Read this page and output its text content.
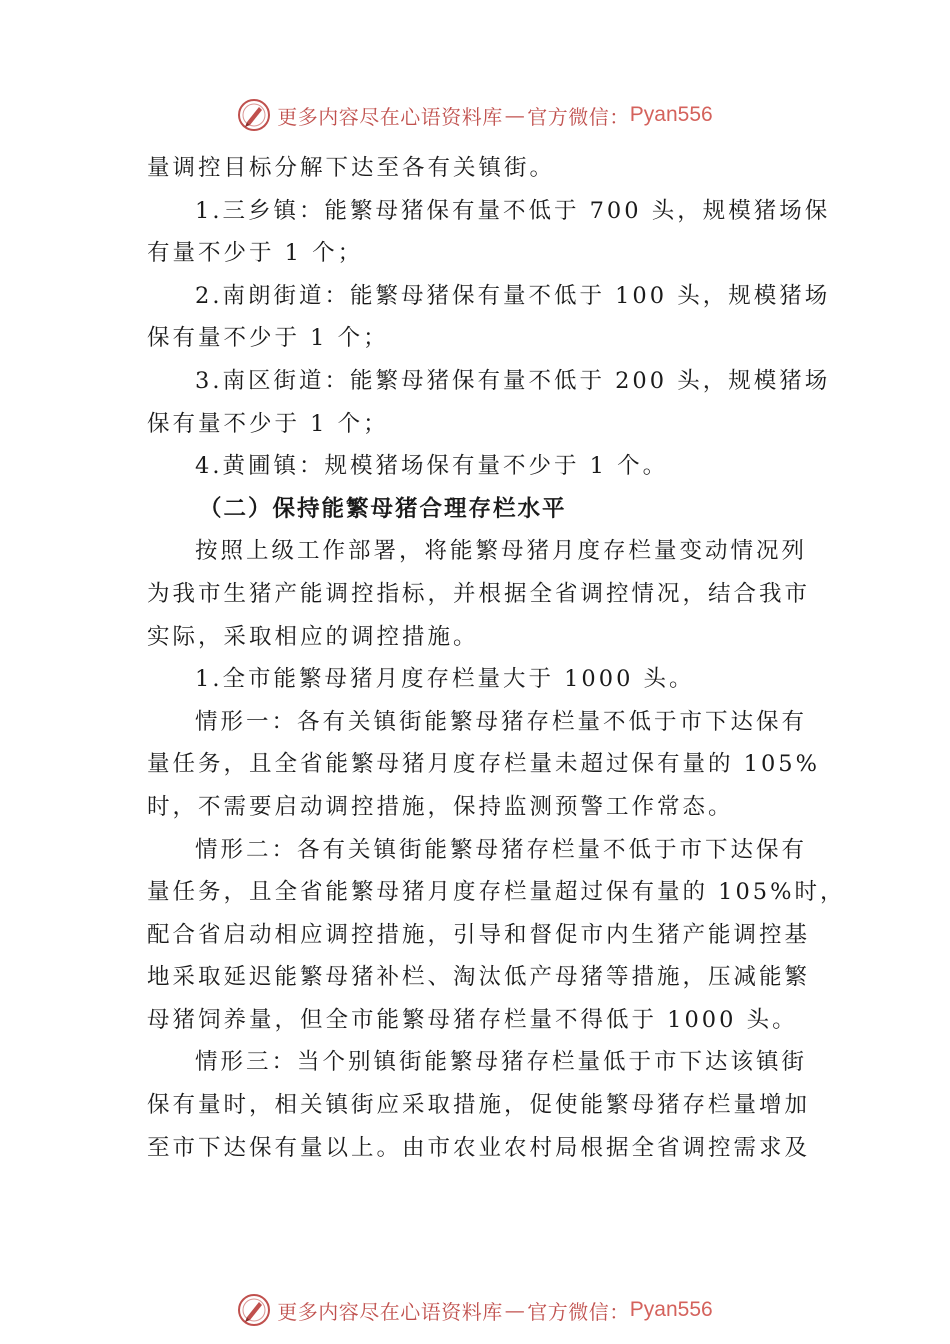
更多内容尽在心语资料库 — 官方微信： Pyan556
量调控目标分解下达至各有关镇街。
1.三乡镇：能繁母猪保有量不低于 700 头，规模猪场保
有量不少于 1 个；
2.南朗街道：能繁母猪保有量不低于 100 头，规模猪场
保有量不少于 1 个；
3.南区街道：能繁母猪保有量不低于 200 头，规模猪场
保有量不少于 1 个；
4.黄圃镇：规模猪场保有量不少于 1 个。
（二）保持能繁母猪合理存栏水平
按照上级工作部署，将能繁母猪月度存栏量变动情况列
为我市生猪产能调控指标，并根据全省调控情况，结合我市
实际，采取相应的调控措施。
1.全市能繁母猪月度存栏量大于 1000 头。
情形一：各有关镇街能繁母猪存栏量不低于市下达保有
量任务，且全省能繁母猪月度存栏量未超过保有量的 105%
时，不需要启动调控措施，保持监测预警工作常态。
情形二：各有关镇街能繁母猪存栏量不低于市下达保有
量任务，且全省能繁母猪月度存栏量超过保有量的 105%时，
配合省启动相应调控措施，引导和督促市内生猪产能调控基
地采取延迟能繁母猪补栏、淘汰低产母猪等措施，压减能繁
母猪饲养量，但全市能繁母猪存栏量不得低于 1000 头。
情形三：当个别镇街能繁母猪存栏量低于市下达该镇街
保有量时，相关镇街应采取措施，促使能繁母猪存栏量增加
至市下达保有量以上。由市农业农村局根据全省调控需求及
更多内容尽在心语资料库 — 官方微信： Pyan556
